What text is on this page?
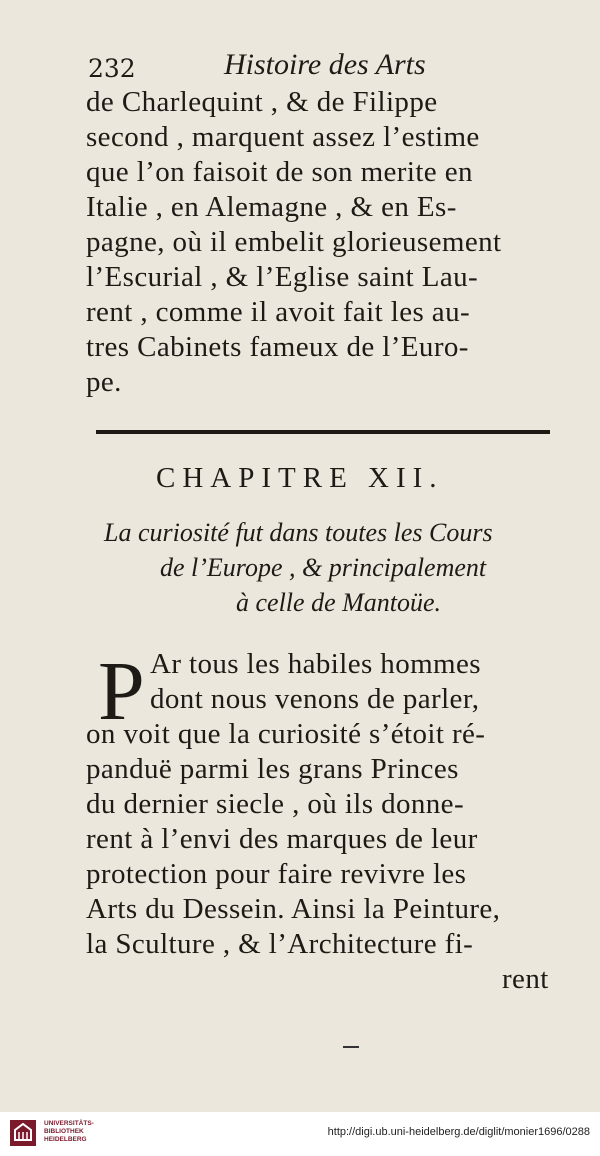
232	Histoire des Arts
de Charlequint , & de Filippe
second , marquent assez l’estime
que l’on faisoit de son merite en
Italie , en Alemagne , & en Es-
pagne, où il embelit glorieusement
l’Escurial , & l’Eglise saint Lau-
rent , comme il avoit fait les au-
tres Cabinets fameux de l’Euro-
pe.
CHAPITRE XII.
La curiosité fut dans toutes les Cours
de l’Europe , & principalement
à celle de Mantoüe.
P Ar tous les habiles hommes
dont nous venons de parler,
on voit que la curiosité s’étoit ré-
panduë parmi les grans Princes
du dernier siecle , où ils donne-
rent à l’envi des marques de leur
protection pour faire revivre les
Arts du Dessein. Ainsi la Peinture,
la Sculture , & l’Architecture fi-
rent
UNIVERSITÄTS-
BIBLIOTHEK
HEIDELBERG
http://digi.ub.uni-heidelberg.de/diglit/monier1696/0288
